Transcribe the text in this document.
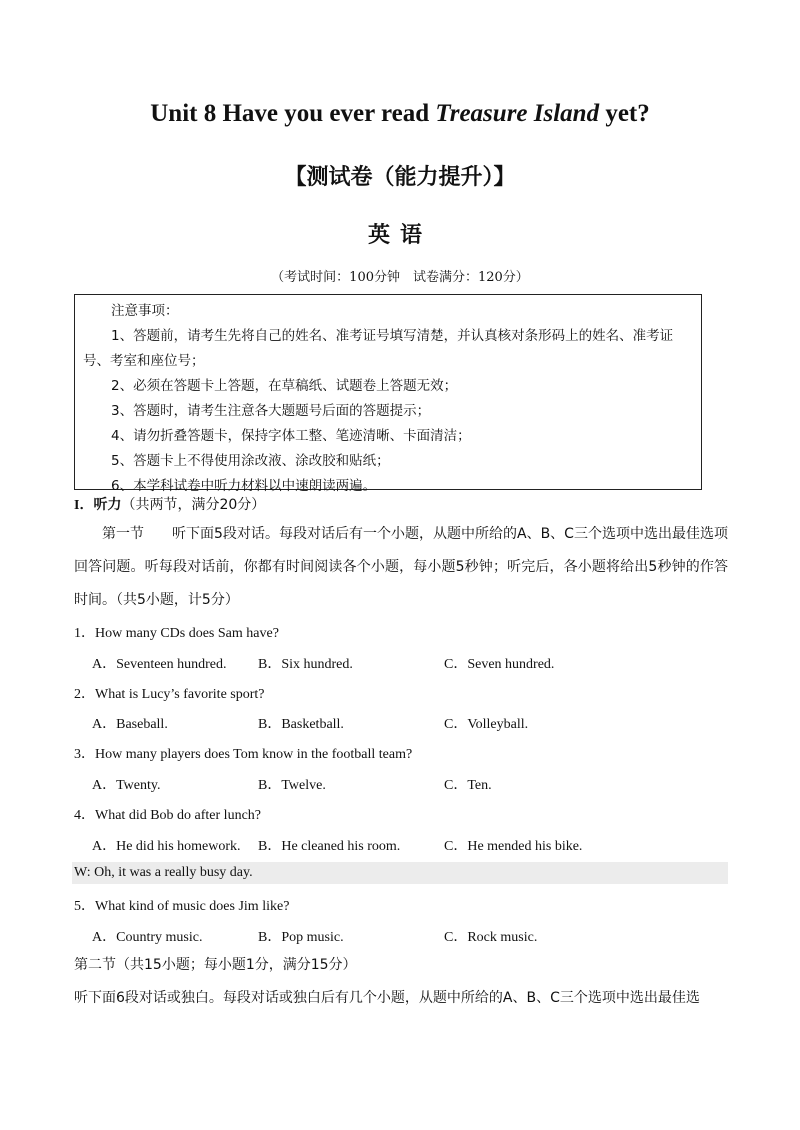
Unit 8 Have you ever read Treasure Island yet?
【测试卷（能力提升）】
英语
（考试时间：100分钟　试卷满分：120分）

注意事项：

1、答题前，请考生先将自己的姓名、准考证号填写清楚，并认真核对条形码上的姓名、准考证号、考室和座位号；

2、必须在答题卡上答题，在草稿纸、试题卷上答题无效；

3、答题时，请考生注意各大题题号后面的答题提示；

4、请勿折叠答题卡，保持字体工整、笔迹清晰、卡面清洁；

5、答题卡上不得使用涂改液、涂改胶和贴纸；

6、本学科试卷中听力材料以中速朗读两遍。

I．听力（共两节，满分20分）
第一节　　听下面5段对话。每段对话后有一个小题，从题中所给的A、B、C三个选项中选出最佳选项回答问题。听每段对话前，你都有时间阅读各个小题，每小题5秒钟；听完后，各小题将给出5秒钟的作答时间。（共5小题，计5分）
1．How many CDs does Sam have?
A．Seventeen hundred. B．Six hundred.	C．Seven hundred.
2．What is Lucy’s favorite sport?
A．Baseball.	B．Basketball.	C．Volleyball.
3．How many players does Tom know in the football team?
A．Twenty.	B．Twelve.	C．Ten.
4．What did Bob do after lunch?
A．He did his homework. B．He cleaned his room.	C．He mended his bike.
W: Oh, it was a really busy day.
5．What kind of music does Jim like?
A．Country music.	B．Pop music.	C．Rock music.
第二节（共15小题；每小题1分，满分15分）
听下面6段对话或独白。每段对话或独白后有几个小题，从题中所给的A、B、C三个选项中选出最佳选
